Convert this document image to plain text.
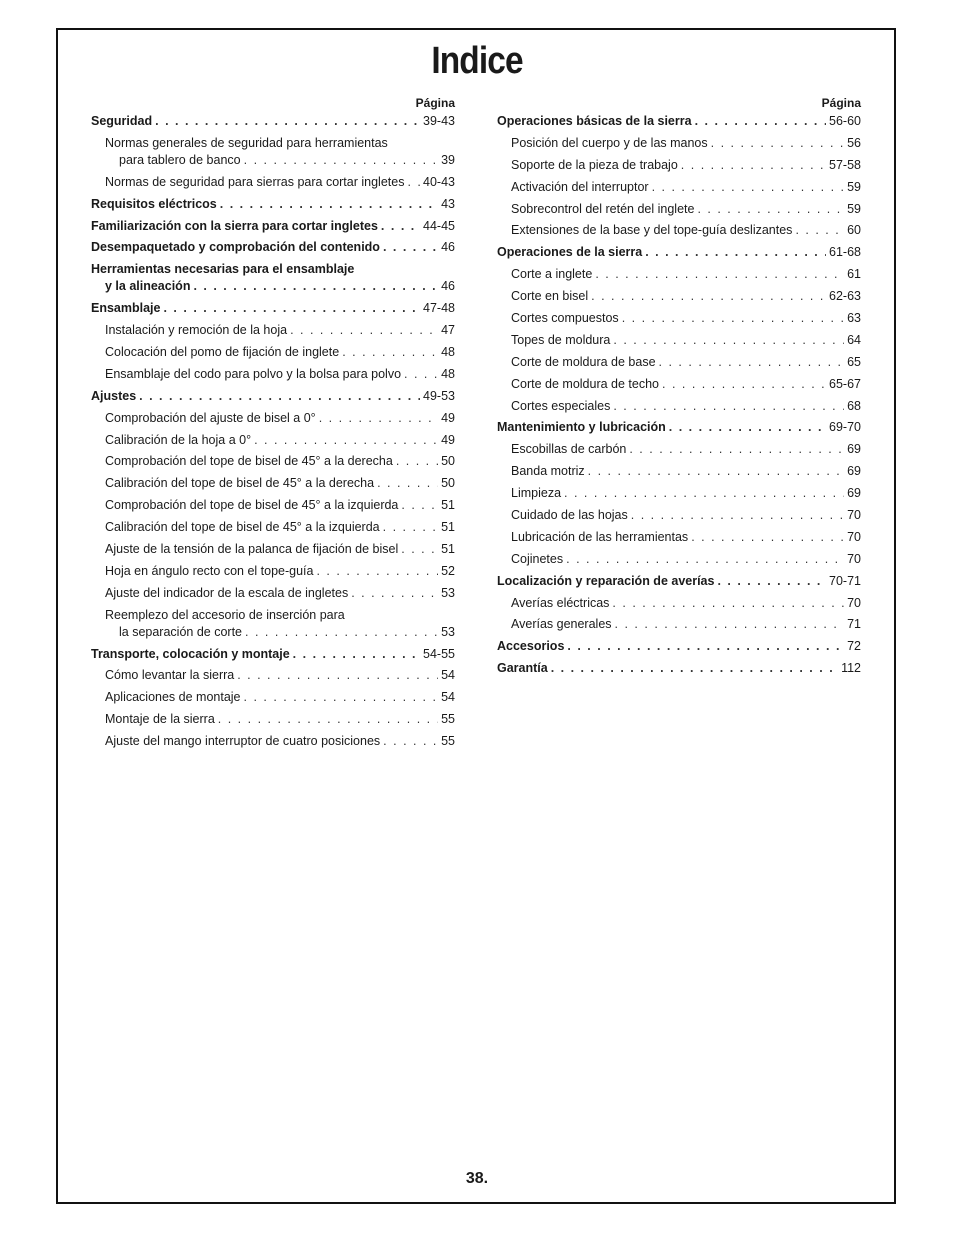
Indice
Página
Seguridad . . .	39-43
Normas generales de seguridad para herramientas
para tablero de banco . . .	39
Normas de seguridad para sierras para cortar ingletes . . . 40-43
Requisitos eléctricos . . .	43
Familiarización con la sierra para cortar ingletes . . .	44-45
Desempaquetado y comprobación del contenido . . .	46
Herramientas necesarias para el ensamblaje
y la alineación . . .	46
Ensamblaje . . .	47-48
Instalación y remoción de la hoja . . .	47
Colocación del pomo de fijación de inglete . . .	48
Ensamblaje del codo para polvo y la bolsa para polvo . . .	48
Ajustes . . .	49-53
Comprobación del ajuste de bisel a 0° . . .	49
Calibración de la hoja a 0° . . .	49
Comprobación del tope de bisel de 45° a la derecha . . .	50
Calibración del tope de bisel de 45° a la derecha . . .	50
Comprobación del tope de bisel de 45° a la izquierda . . .	51
Calibración del tope de bisel de 45° a la izquierda . . .	51
Ajuste de la tensión de la palanca de fijación de bisel . . .	51
Hoja en ángulo recto con el tope-guía . . .	52
Ajuste del indicador de la escala de ingletes . . .	53
Reemplezo del accesorio de inserción para
la separación de corte . . .	53
Transporte, colocación y montaje . . .	54-55
Cómo levantar la sierra . . .	54
Aplicaciones de montaje . . .	54
Montaje de la sierra . . .	55
Ajuste del mango interruptor de cuatro posiciones . . .	55
Página
Operaciones básicas de la sierra . . .	56-60
Posición del cuerpo y de las manos . . .	56
Soporte de la pieza de trabajo . . .	57-58
Activación del interruptor . . .	59
Sobrecontrol del retén del inglete . . .	59
Extensiones de la base y del tope-guía deslizantes . . .	60
Operaciones de la sierra . . .	61-68
Corte a inglete . . .	61
Corte en bisel . . .	62-63
Cortes compuestos . . .	63
Topes de moldura . . .	64
Corte de moldura de base . . .	65
Corte de moldura de techo . . .	65-67
Cortes especiales . . .	68
Mantenimiento y lubricación . . .	69-70
Escobillas de carbón . . .	69
Banda motriz . . .	69
Limpieza . . .	69
Cuidado de las hojas . . .	70
Lubricación de las herramientas . . .	70
Cojinetes . . .	70
Localización y reparación de averías . . .	70-71
Averías eléctricas . . .	70
Averías generales . . .	71
Accesorios . . .	72
Garantía . . .	112
38.
